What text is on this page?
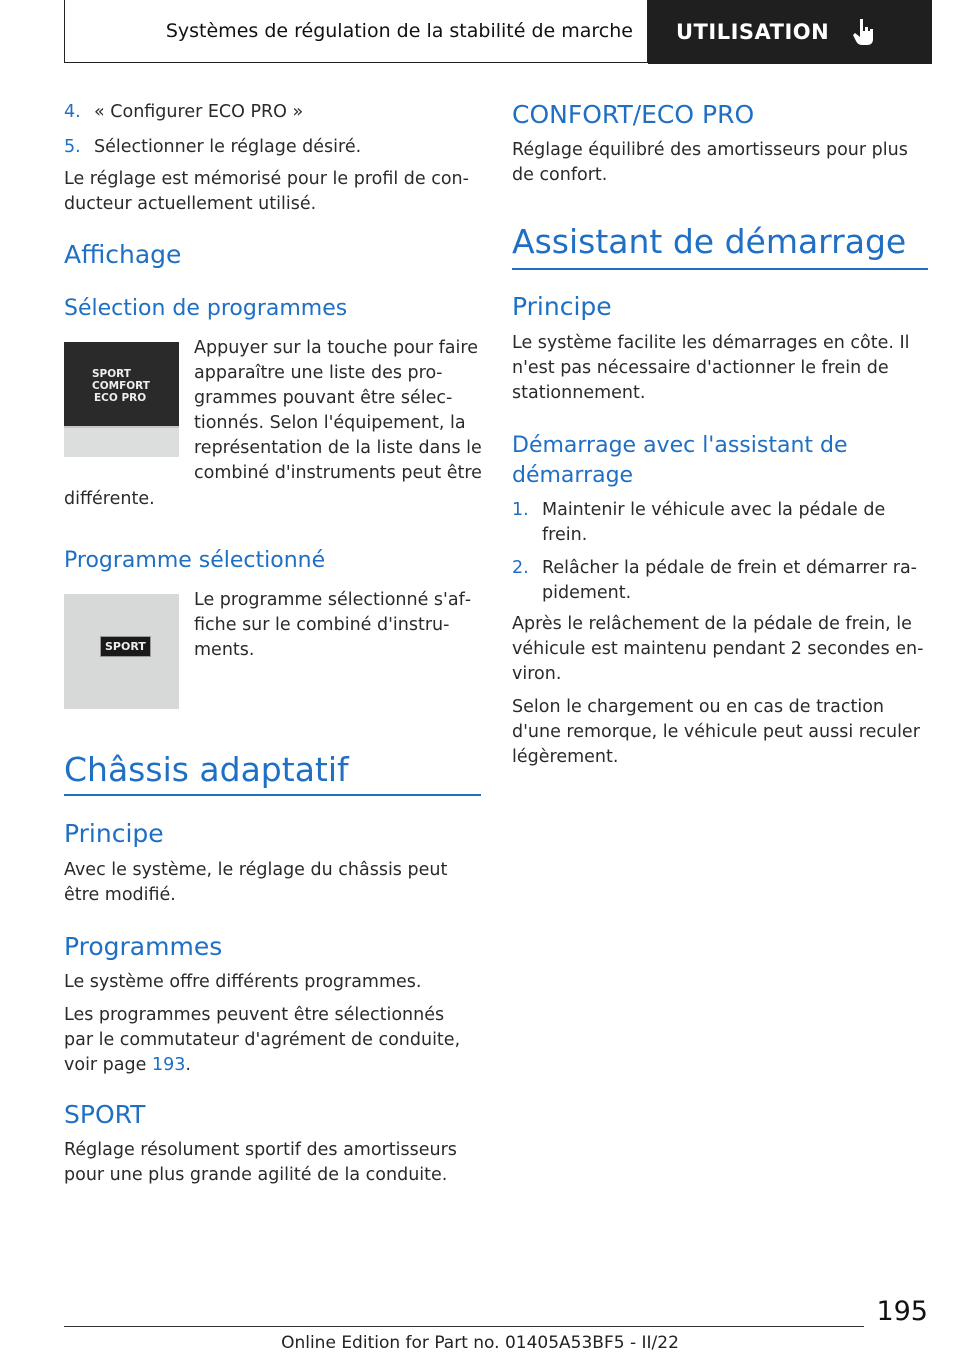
Systèmes de régulation de la stabilité de marche	UTILISATION
4. « Configurer ECO PRO »
5. Sélectionner le réglage désiré.
Le réglage est mémorisé pour le profil de con‐
ducteur actuellement utilisé.
Affichage
Sélection de programmes
SPORT
COMFORT
ECO PRO
Appuyer sur la touche pour faire
apparaître une liste des pro‐
grammes pouvant être sélec‐
tionnés. Selon l'équipement, la
représentation de la liste dans le
combiné d'instruments peut être
différente.
Programme sélectionné
SPORT
Le programme sélectionné s'af‐
fiche sur le combiné d'instru‐
ments.
Châssis adaptatif
Principe
Avec le système, le réglage du châssis peut
être modifié.
Programmes
Le système offre différents programmes.
Les programmes peuvent être sélectionnés
par le commutateur d'agrément de conduite,
voir page 193.
SPORT
Réglage résolument sportif des amortisseurs
pour une plus grande agilité de la conduite.
CONFORT/ECO PRO
Réglage équilibré des amortisseurs pour plus
de confort.
Assistant de démarrage
Principe
Le système facilite les démarrages en côte. Il
n'est pas nécessaire d'actionner le frein de
stationnement.
Démarrage avec l'assistant de
démarrage
1. Maintenir le véhicule avec la pédale de
frein.
2. Relâcher la pédale de frein et démarrer ra‐
pidement.
Après le relâchement de la pédale de frein, le
véhicule est maintenu pendant 2 secondes en‐
viron.
Selon le chargement ou en cas de traction
d'une remorque, le véhicule peut aussi reculer
légèrement.
195
Online Edition for Part no. 01405A53BF5 - II/22
